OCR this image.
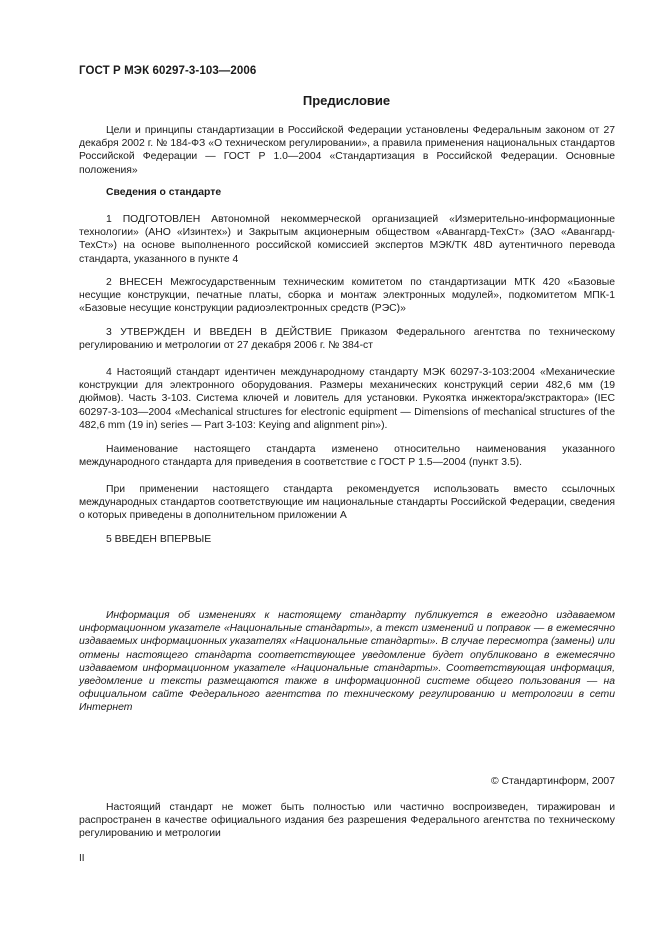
ГОСТ Р МЭК 60297-3-103—2006
Предисловие

Цели и принципы стандартизации в Российской Федерации установлены Федеральным законом от 27 декабря 2002 г. № 184-ФЗ «О техническом регулировании», а правила применения национальных стандартов Российской Федерации — ГОСТ Р 1.0—2004 «Стандартизация в Российской Федерации. Основные положения»

Сведения о стандарте

1 ПОДГОТОВЛЕН Автономной некоммерческой организацией «Измерительно-информационные технологии» (АНО «Изинтех») и Закрытым акционерным обществом «Авангард-ТехСт» (ЗАО «Авангард-ТехСт») на основе выполненного российской комиссией экспертов МЭК/ТК 48D аутентичного перевода стандарта, указанного в пункте 4

2 ВНЕСЕН Межгосударственным техническим комитетом по стандартизации МТК 420 «Базовые несущие конструкции, печатные платы, сборка и монтаж электронных модулей», подкомитетом МПК-1 «Базовые несущие конструкции радиоэлектронных средств (РЭС)»

3 УТВЕРЖДЕН И ВВЕДЕН В ДЕЙСТВИЕ Приказом Федерального агентства по техническому регулированию и метрологии от 27 декабря 2006 г. № 384-ст

4 Настоящий стандарт идентичен международному стандарту МЭК 60297-3-103:2004 «Механические конструкции для электронного оборудования. Размеры механических конструкций серии 482,6 мм (19 дюймов). Часть 3-103. Система ключей и ловитель для установки. Рукоятка инжектора/экстрактора» (IEC 60297-3-103—2004 «Mechanical structures for electronic equipment — Dimensions of mechanical structures of the 482,6 mm (19 in) series — Part 3-103: Keying and alignment pin»).

Наименование настоящего стандарта изменено относительно наименования указанного международного стандарта для приведения в соответствие с ГОСТ Р 1.5—2004 (пункт 3.5).

При применении настоящего стандарта рекомендуется использовать вместо ссылочных международных стандартов соответствующие им национальные стандарты Российской Федерации, сведения о которых приведены в дополнительном приложении А

5 ВВЕДЕН ВПЕРВЫЕ

Информация об изменениях к настоящему стандарту публикуется в ежегодно издаваемом информационном указателе «Национальные стандарты», а текст изменений и поправок — в ежемесячно издаваемых информационных указателях «Национальные стандарты». В случае пересмотра (замены) или отмены настоящего стандарта соответствующее уведомление будет опубликовано в ежемесячно издаваемом информационном указателе «Национальные стандарты». Соответствующая информация, уведомление и тексты размещаются также в информационной системе общего пользования — на официальном сайте Федерального агентства по техническому регулированию и метрологии в сети Интернет

© Стандартинформ, 2007

Настоящий стандарт не может быть полностью или частично воспроизведен, тиражирован и распространен в качестве официального издания без разрешения Федерального агентства по техническому регулированию и метрологии

II
